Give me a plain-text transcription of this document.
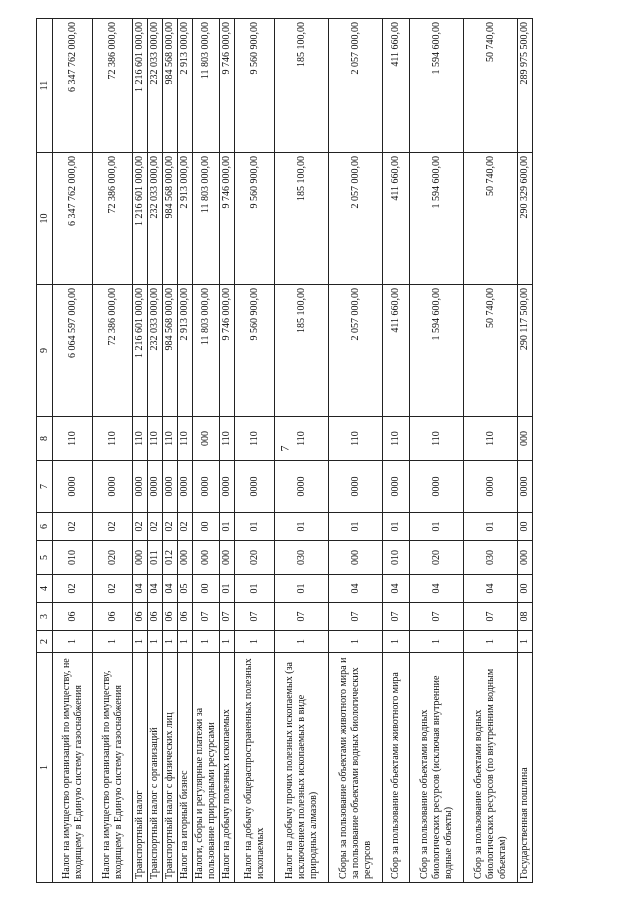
7
1	2	3	4	5	6	7	8	9	10	11
Налог на имущество организаций по имуществу, не входящему в Единую систему газоснабжения	1	06	02	010	02	0000	110	6 064 597 000,00	6 347 762 000,00	6 347 762 000,00
Налог на имущество организаций по имуществу, входящему в Единую систему газоснабжения	1	06	02	020	02	0000	110	72 386 000,00	72 386 000,00	72 386 000,00
Транспортный налог	1	06	04	000	02	0000	110	1 216 601 000,00	1 216 601 000,00	1 216 601 000,00
Транспортный налог с организаций	1	06	04	011	02	0000	110	232 033 000,00	232 033 000,00	232 033 000,00
Транспортный налог с физических лиц	1	06	04	012	02	0000	110	984 568 000,00	984 568 000,00	984 568 000,00
Налог на игорный бизнес	1	06	05	000	02	0000	110	2 913 000,00	2 913 000,00	2 913 000,00
Налоги, сборы и регулярные платежи за пользование природными ресурсами	1	07	00	000	00	0000	000	11 803 000,00	11 803 000,00	11 803 000,00
Налог на добычу полезных ископаемых	1	07	01	000	01	0000	110	9 746 000,00	9 746 000,00	9 746 000,00
Налог на добычу общераспространенных полезных ископаемых	1	07	01	020	01	0000	110	9 560 900,00	9 560 900,00	9 560 900,00
Налог на добычу прочих полезных ископаемых (за исключением полезных ископаемых в виде природных алмазов)	1	07	01	030	01	0000	110	185 100,00	185 100,00	185 100,00
Сборы за пользование объектами животного мира и за пользование объектами водных биологических ресурсов	1	07	04	000	01	0000	110	2 057 000,00	2 057 000,00	2 057 000,00
Сбор за пользование объектами животного мира	1	07	04	010	01	0000	110	411 660,00	411 660,00	411 660,00
Сбор за пользование объектами водных биологических ресурсов (исключая внутренние водные объекты)	1	07	04	020	01	0000	110	1 594 600,00	1 594 600,00	1 594 600,00
Сбор за пользование объектами водных биологических ресурсов (по внутренним водным объектам)	1	07	04	030	01	0000	110	50 740,00	50 740,00	50 740,00
Государственная пошлина	1	08	00	000	00	0000	000	290 117 500,00	290 329 600,00	289 975 500,00
